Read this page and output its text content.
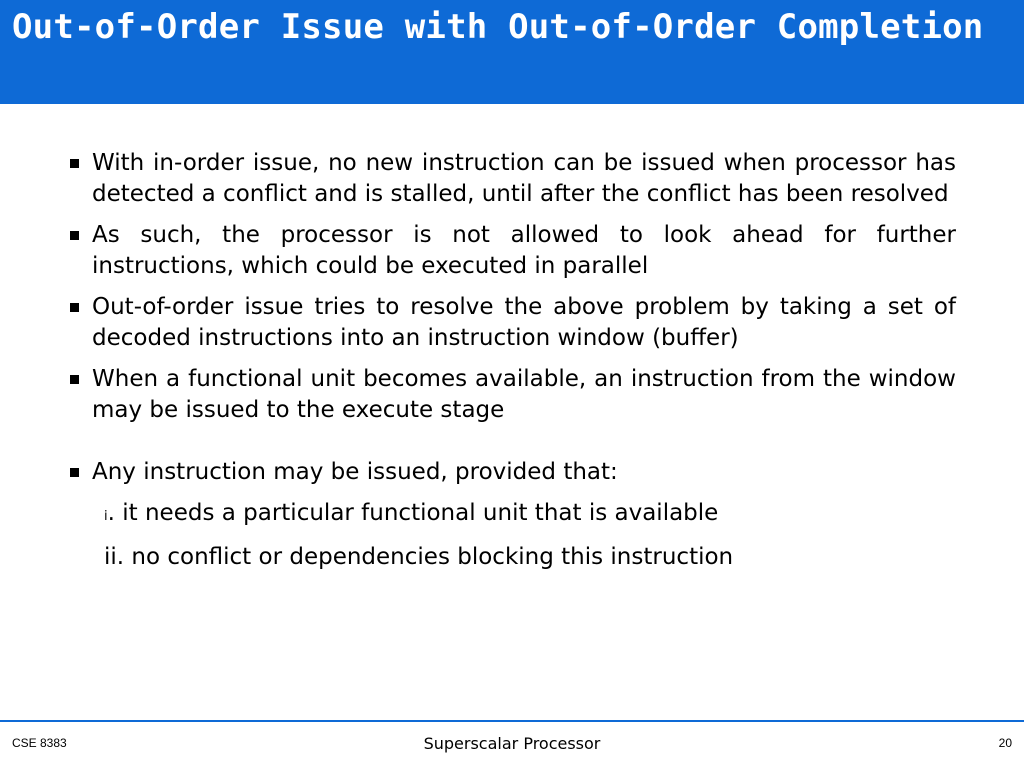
Out-of-Order Issue with Out-of-Order Completion
With in-order issue, no new instruction can be issued when processor has detected a conflict and is stalled, until after the conflict has been resolved
As such, the processor is not allowed to look ahead for further instructions, which could be executed in parallel
Out-of-order issue tries to resolve the above problem by taking a set of decoded instructions into an instruction window (buffer)
When a functional unit becomes available, an instruction from the window may be issued to the execute stage
Any instruction may be issued, provided that:
i. it needs a particular functional unit that is available
ii. no conflict or dependencies blocking this instruction
CSE 8383	Superscalar Processor	20
